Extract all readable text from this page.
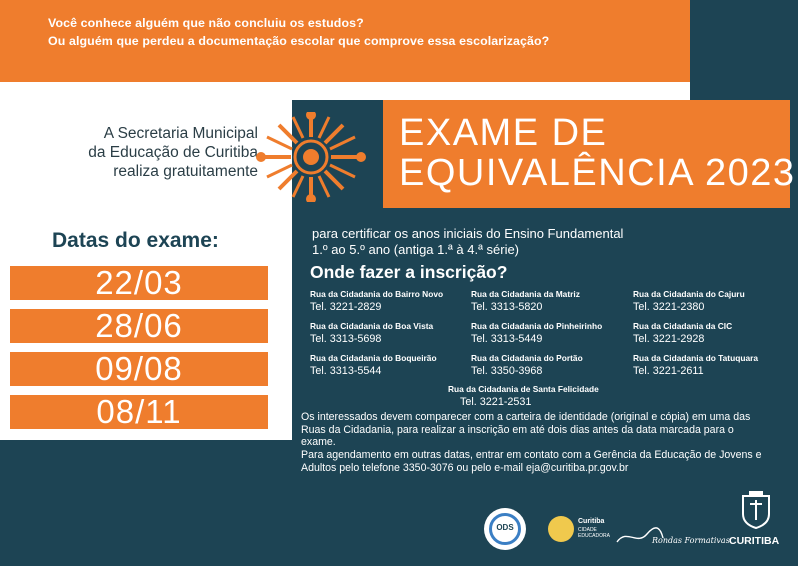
Você conhece alguém que não concluiu os estudos?
Ou alguém que perdeu a documentação escolar que comprove essa escolarização?
A Secretaria Municipal
da Educação de Curitiba
realiza gratuitamente
EXAME DE
EQUIVALÊNCIA 2023
para certificar os anos iniciais do Ensino Fundamental
1.º ao 5.º ano (antiga 1.ª à 4.ª série)
Datas do exame:
22/03
28/06
09/08
08/11
Onde fazer a inscrição?
Rua da Cidadania do Bairro Novo
Tel. 3221-2829
Rua da Cidadania da Matriz
Tel. 3313-5820
Rua da Cidadania do Cajuru
Tel. 3221-2380
Rua da Cidadania do Boa Vista
Tel. 3313-5698
Rua da Cidadania do Pinheirinho
Tel. 3313-5449
Rua da Cidadania da CIC
Tel. 3221-2928
Rua da Cidadania do Boqueirão
Tel. 3313-5544
Rua da Cidadania do Portão
Tel. 3350-3968
Rua da Cidadania do Tatuquara
Tel. 3221-2611
Rua da Cidadania de Santa Felicidade
Tel. 3221-2531
Os interessados devem comparecer com a carteira de identidade (original e cópia) em uma das Ruas da Cidadania, para realizar a inscrição em até dois dias antes da data marcada para o exame.
Para agendamento em outras datas, entrar em contato com a Gerência da Educação de Jovens e Adultos pelo telefone 3350-3076 ou pelo e-mail eja@curitiba.pr.gov.br
ODS
Curitiba
CIDADE
EDUCADORA	Rondas Formativas CURITIBA
